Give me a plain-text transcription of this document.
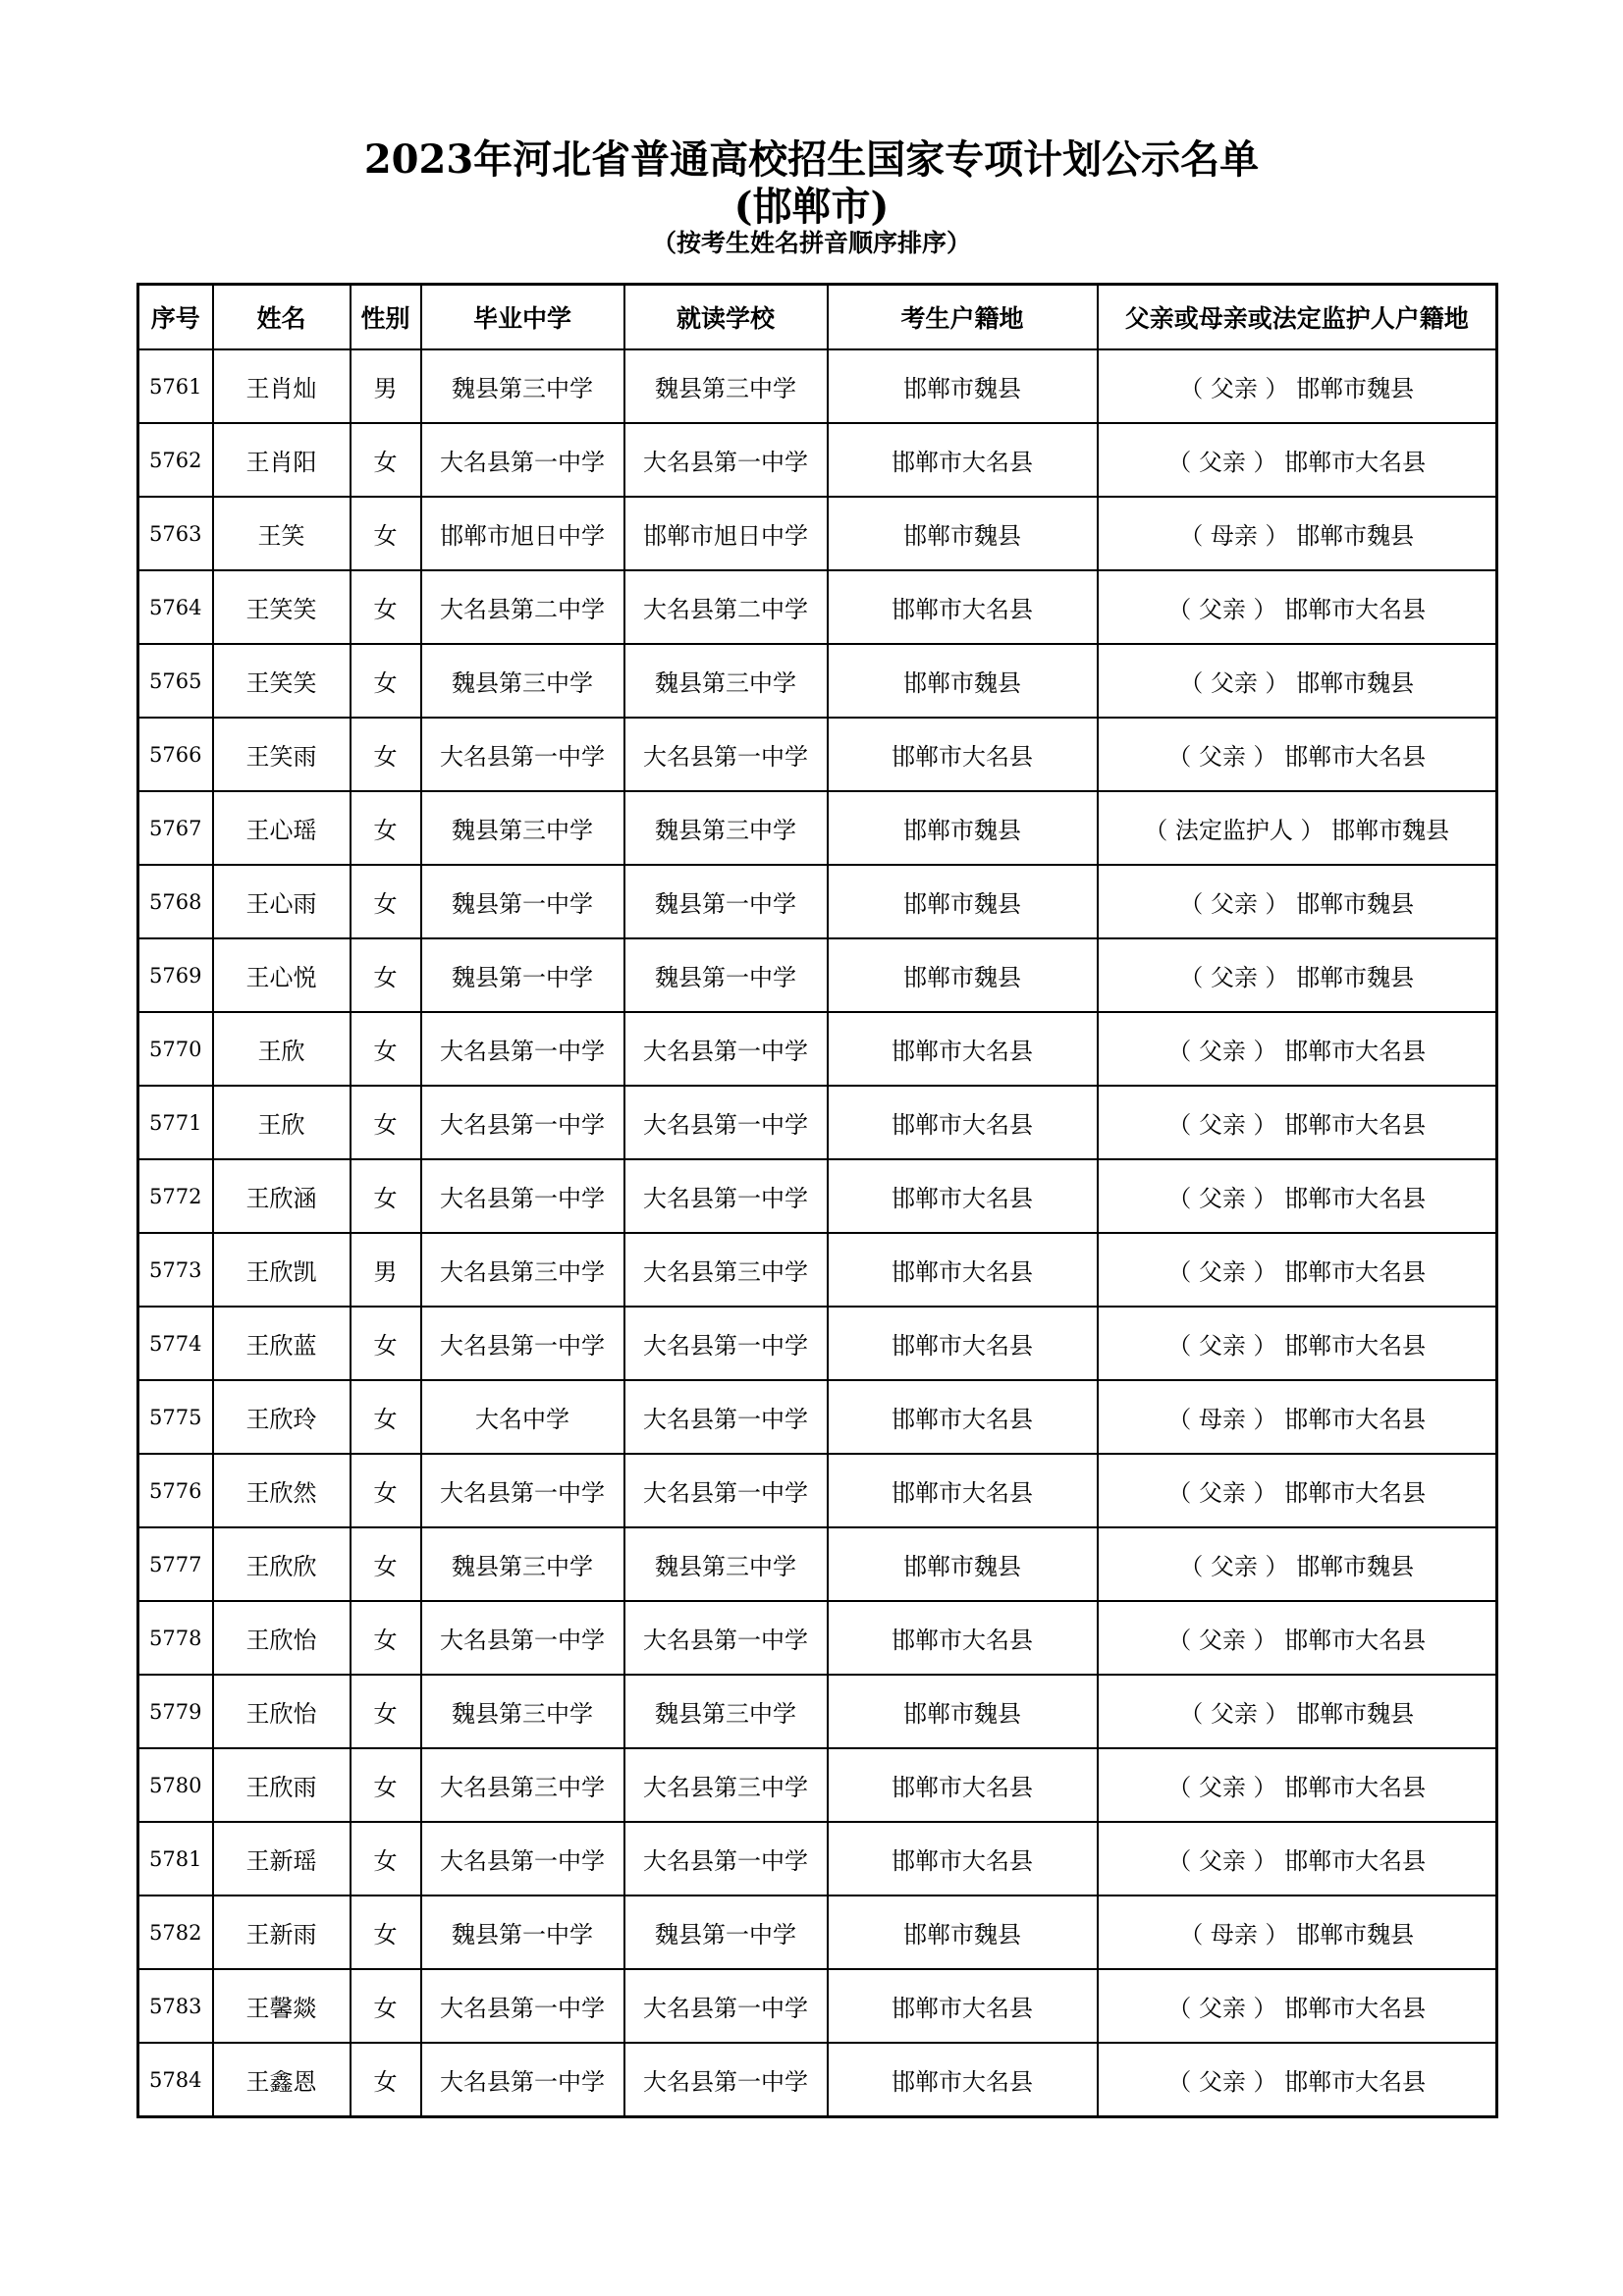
2023年河北省普通高校招生国家专项计划公示名单
(邯郸市)
（按考生姓名拼音顺序排序）
序号	姓名	性别	毕业中学	就读学校	考生户籍地	父亲或母亲或法定监护人户籍地
5761	王肖灿	男	魏县第三中学	魏县第三中学	邯郸市魏县	（ 父亲 ） 邯郸市魏县
5762	王肖阳	女	大名县第一中学	大名县第一中学	邯郸市大名县	（ 父亲 ） 邯郸市大名县
5763	王笑	女	邯郸市旭日中学	邯郸市旭日中学	邯郸市魏县	（ 母亲 ） 邯郸市魏县
5764	王笑笑	女	大名县第二中学	大名县第二中学	邯郸市大名县	（ 父亲 ） 邯郸市大名县
5765	王笑笑	女	魏县第三中学	魏县第三中学	邯郸市魏县	（ 父亲 ） 邯郸市魏县
5766	王笑雨	女	大名县第一中学	大名县第一中学	邯郸市大名县	（ 父亲 ） 邯郸市大名县
5767	王心瑶	女	魏县第三中学	魏县第三中学	邯郸市魏县	（ 法定监护人 ） 邯郸市魏县
5768	王心雨	女	魏县第一中学	魏县第一中学	邯郸市魏县	（ 父亲 ） 邯郸市魏县
5769	王心悦	女	魏县第一中学	魏县第一中学	邯郸市魏县	（ 父亲 ） 邯郸市魏县
5770	王欣	女	大名县第一中学	大名县第一中学	邯郸市大名县	（ 父亲 ） 邯郸市大名县
5771	王欣	女	大名县第一中学	大名县第一中学	邯郸市大名县	（ 父亲 ） 邯郸市大名县
5772	王欣涵	女	大名县第一中学	大名县第一中学	邯郸市大名县	（ 父亲 ） 邯郸市大名县
5773	王欣凯	男	大名县第三中学	大名县第三中学	邯郸市大名县	（ 父亲 ） 邯郸市大名县
5774	王欣蓝	女	大名县第一中学	大名县第一中学	邯郸市大名县	（ 父亲 ） 邯郸市大名县
5775	王欣玲	女	大名中学	大名县第一中学	邯郸市大名县	（ 母亲 ） 邯郸市大名县
5776	王欣然	女	大名县第一中学	大名县第一中学	邯郸市大名县	（ 父亲 ） 邯郸市大名县
5777	王欣欣	女	魏县第三中学	魏县第三中学	邯郸市魏县	（ 父亲 ） 邯郸市魏县
5778	王欣怡	女	大名县第一中学	大名县第一中学	邯郸市大名县	（ 父亲 ） 邯郸市大名县
5779	王欣怡	女	魏县第三中学	魏县第三中学	邯郸市魏县	（ 父亲 ） 邯郸市魏县
5780	王欣雨	女	大名县第三中学	大名县第三中学	邯郸市大名县	（ 父亲 ） 邯郸市大名县
5781	王新瑶	女	大名县第一中学	大名县第一中学	邯郸市大名县	（ 父亲 ） 邯郸市大名县
5782	王新雨	女	魏县第一中学	魏县第一中学	邯郸市魏县	（ 母亲 ） 邯郸市魏县
5783	王馨燚	女	大名县第一中学	大名县第一中学	邯郸市大名县	（ 父亲 ） 邯郸市大名县
5784	王鑫恩	女	大名县第一中学	大名县第一中学	邯郸市大名县	（ 父亲 ） 邯郸市大名县
